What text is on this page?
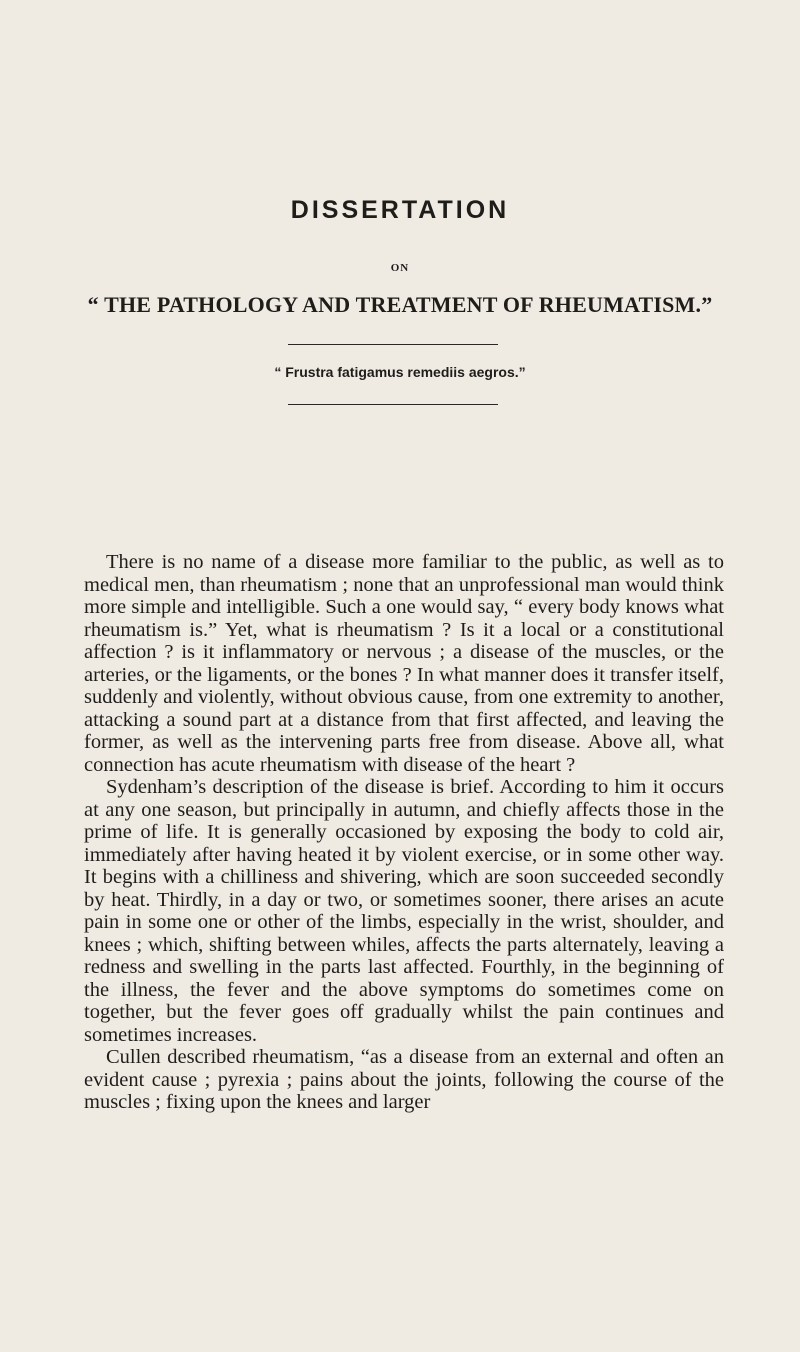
DISSERTATION
ON
“ THE PATHOLOGY AND TREATMENT OF RHEUMATISM.”
“ Frustra fatigamus remediis aegros.”

There is no name of a disease more familiar to the public, as well as to medical men, than rheumatism ; none that an unprofessional man would think more simple and intelligible. Such a one would say, “ every body knows what rheumatism is.” Yet, what is rheumatism ? Is it a local or a constitutional affection ? is it inflammatory or nervous ; a disease of the muscles, or the arteries, or the ligaments, or the bones ? In what manner does it transfer itself, suddenly and violently, without obvious cause, from one extremity to another, attacking a sound part at a distance from that first affected, and leaving the former, as well as the intervening parts free from disease. Above all, what connection has acute rheumatism with disease of the heart ?

Sydenham’s description of the disease is brief. According to him it occurs at any one season, but principally in autumn, and chiefly affects those in the prime of life. It is generally occasioned by exposing the body to cold air, immediately after having heated it by violent exercise, or in some other way. It begins with a chilliness and shivering, which are soon succeeded secondly by heat. Thirdly, in a day or two, or sometimes sooner, there arises an acute pain in some one or other of the limbs, especially in the wrist, shoulder, and knees ; which, shifting between whiles, affects the parts alternately, leaving a redness and swelling in the parts last affected. Fourthly, in the beginning of the illness, the fever and the above symptoms do sometimes come on together, but the fever goes off gradually whilst the pain continues and sometimes increases.

Cullen described rheumatism, “as a disease from an external and often an evident cause ; pyrexia ; pains about the joints, following the course of the muscles ; fixing upon the knees and larger
